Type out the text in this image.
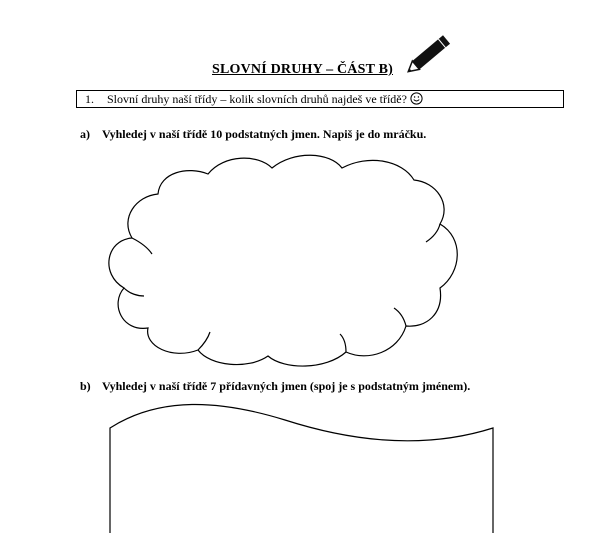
SLOVNÍ DRUHY – ČÁST B)
1. Slovní druhy naší třídy – kolik slovních druhů najdeš ve třídě?
a) Vyhledej v naší třídě 10 podstatných jmen. Napiš je do mráčku.
b) Vyhledej v naší třídě 7 přídavných jmen (spoj je s podstatným jménem).
